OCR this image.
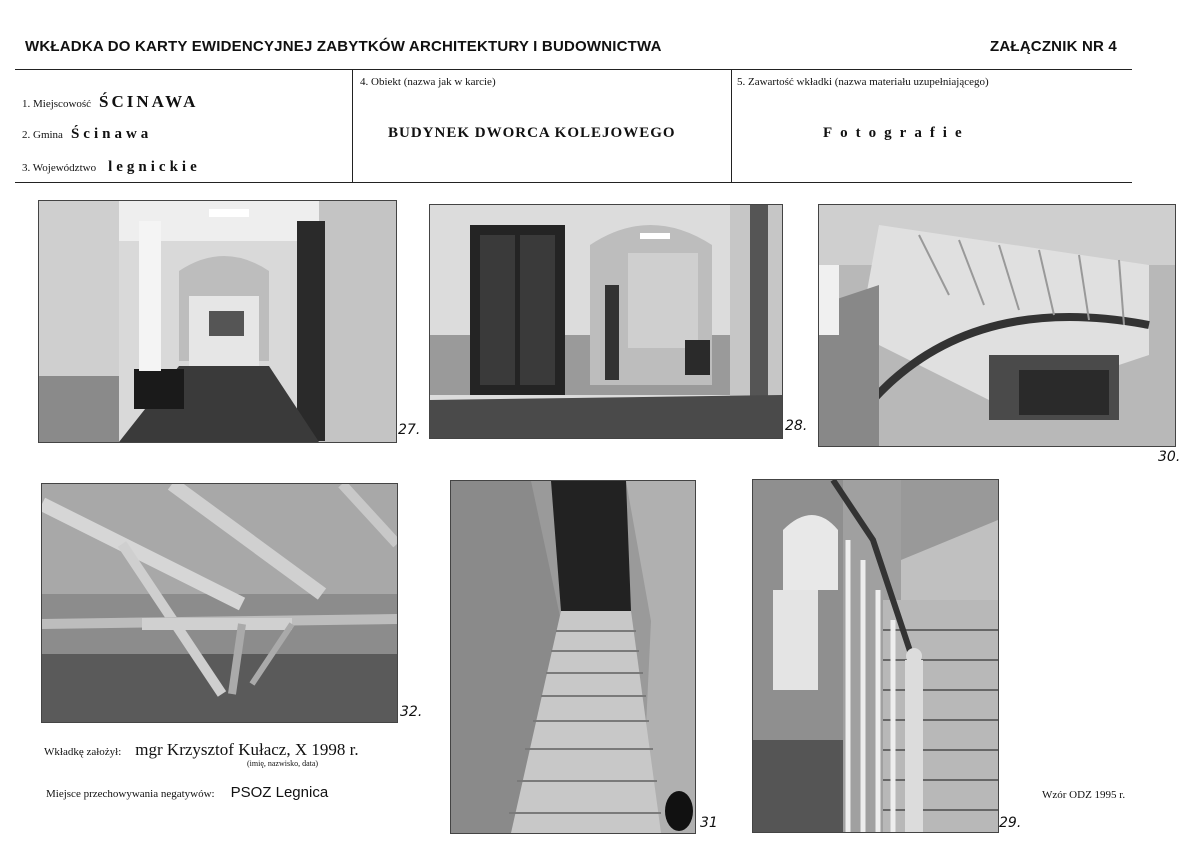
WKŁADKA DO KARTY EWIDENCYJNEJ ZABYTKÓW ARCHITEKTURY I BUDOWNICTWA	ZAŁĄCZNIK NR 4
1. Miejscowość ŚCINAWA
2. Gmina Ścinawa
3. Województwo legnickie
4. Obiekt (nazwa jak w karcie)
BUDYNEK DWORCA KOLEJOWEGO
5. Zawartość wkładki (nazwa materiału uzupełniającego)
Fotografie
27.	28.
30.
32.
31	29.
Wkładkę założył: mgr Krzysztof Kułacz, X 1998 r.
(imię, nazwisko, data)
Miejsce przechowywania negatywów: PSOZ Legnica	Wzór ODZ 1995 r.
